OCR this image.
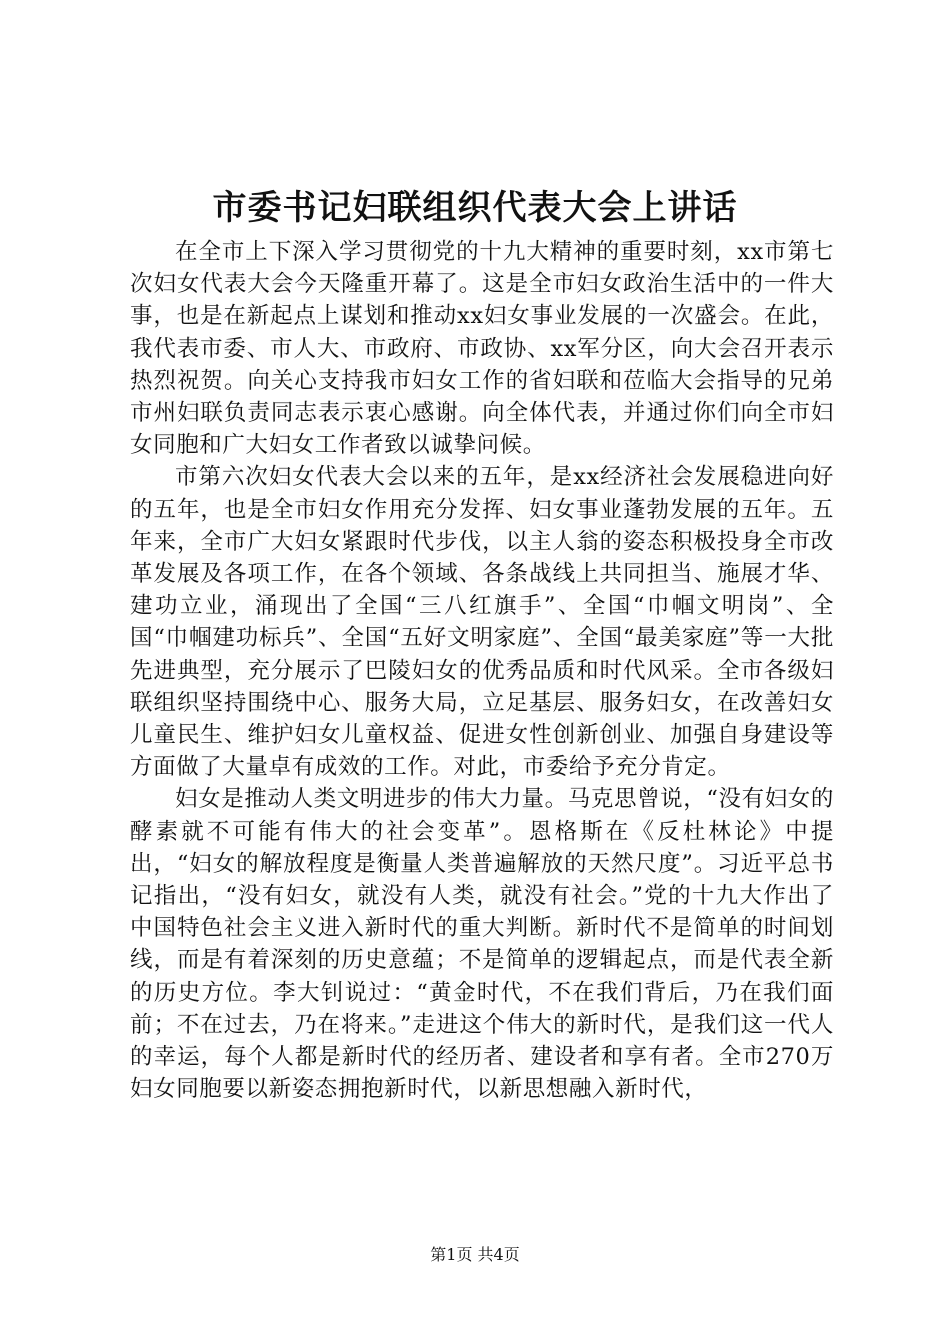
市委书记妇联组织代表大会上讲话

在全市上下深入学习贯彻党的十九大精神的重要时刻，xx市第七次妇女代表大会今天隆重开幕了。这是全市妇女政治生活中的一件大事，也是在新起点上谋划和推动xx妇女事业发展的一次盛会。在此，我代表市委、市人大、市政府、市政协、xx军分区，向大会召开表示热烈祝贺。向关心支持我市妇女工作的省妇联和莅临大会指导的兄弟市州妇联负责同志表示衷心感谢。向全体代表，并通过你们向全市妇女同胞和广大妇女工作者致以诚挚问候。

市第六次妇女代表大会以来的五年，是xx经济社会发展稳进向好的五年，也是全市妇女作用充分发挥、妇女事业蓬勃发展的五年。五年来，全市广大妇女紧跟时代步伐，以主人翁的姿态积极投身全市改革发展及各项工作，在各个领域、各条战线上共同担当、施展才华、建功立业，涌现出了全国“三八红旗手”、全国“巾帼文明岗”、全国“巾帼建功标兵”、全国“五好文明家庭”、全国“最美家庭”等一大批先进典型，充分展示了巴陵妇女的优秀品质和时代风采。全市各级妇联组织坚持围绕中心、服务大局，立足基层、服务妇女，在改善妇女儿童民生、维护妇女儿童权益、促进女性创新创业、加强自身建设等方面做了大量卓有成效的工作。对此，市委给予充分肯定。

妇女是推动人类文明进步的伟大力量。马克思曾说，“没有妇女的酵素就不可能有伟大的社会变革”。恩格斯在《反杜林论》中提出，“妇女的解放程度是衡量人类普遍解放的天然尺度”。习近平总书记指出，“没有妇女，就没有人类，就没有社会。”党的十九大作出了中国特色社会主义进入新时代的重大判断。新时代不是简单的时间划线，而是有着深刻的历史意蕴；不是简单的逻辑起点，而是代表全新的历史方位。李大钊说过：“黄金时代，不在我们背后，乃在我们面前；不在过去，乃在将来。”走进这个伟大的新时代，是我们这一代人的幸运，每个人都是新时代的经历者、建设者和享有者。全市270万妇女同胞要以新姿态拥抱新时代，以新思想融入新时代，

第1页 共4页
